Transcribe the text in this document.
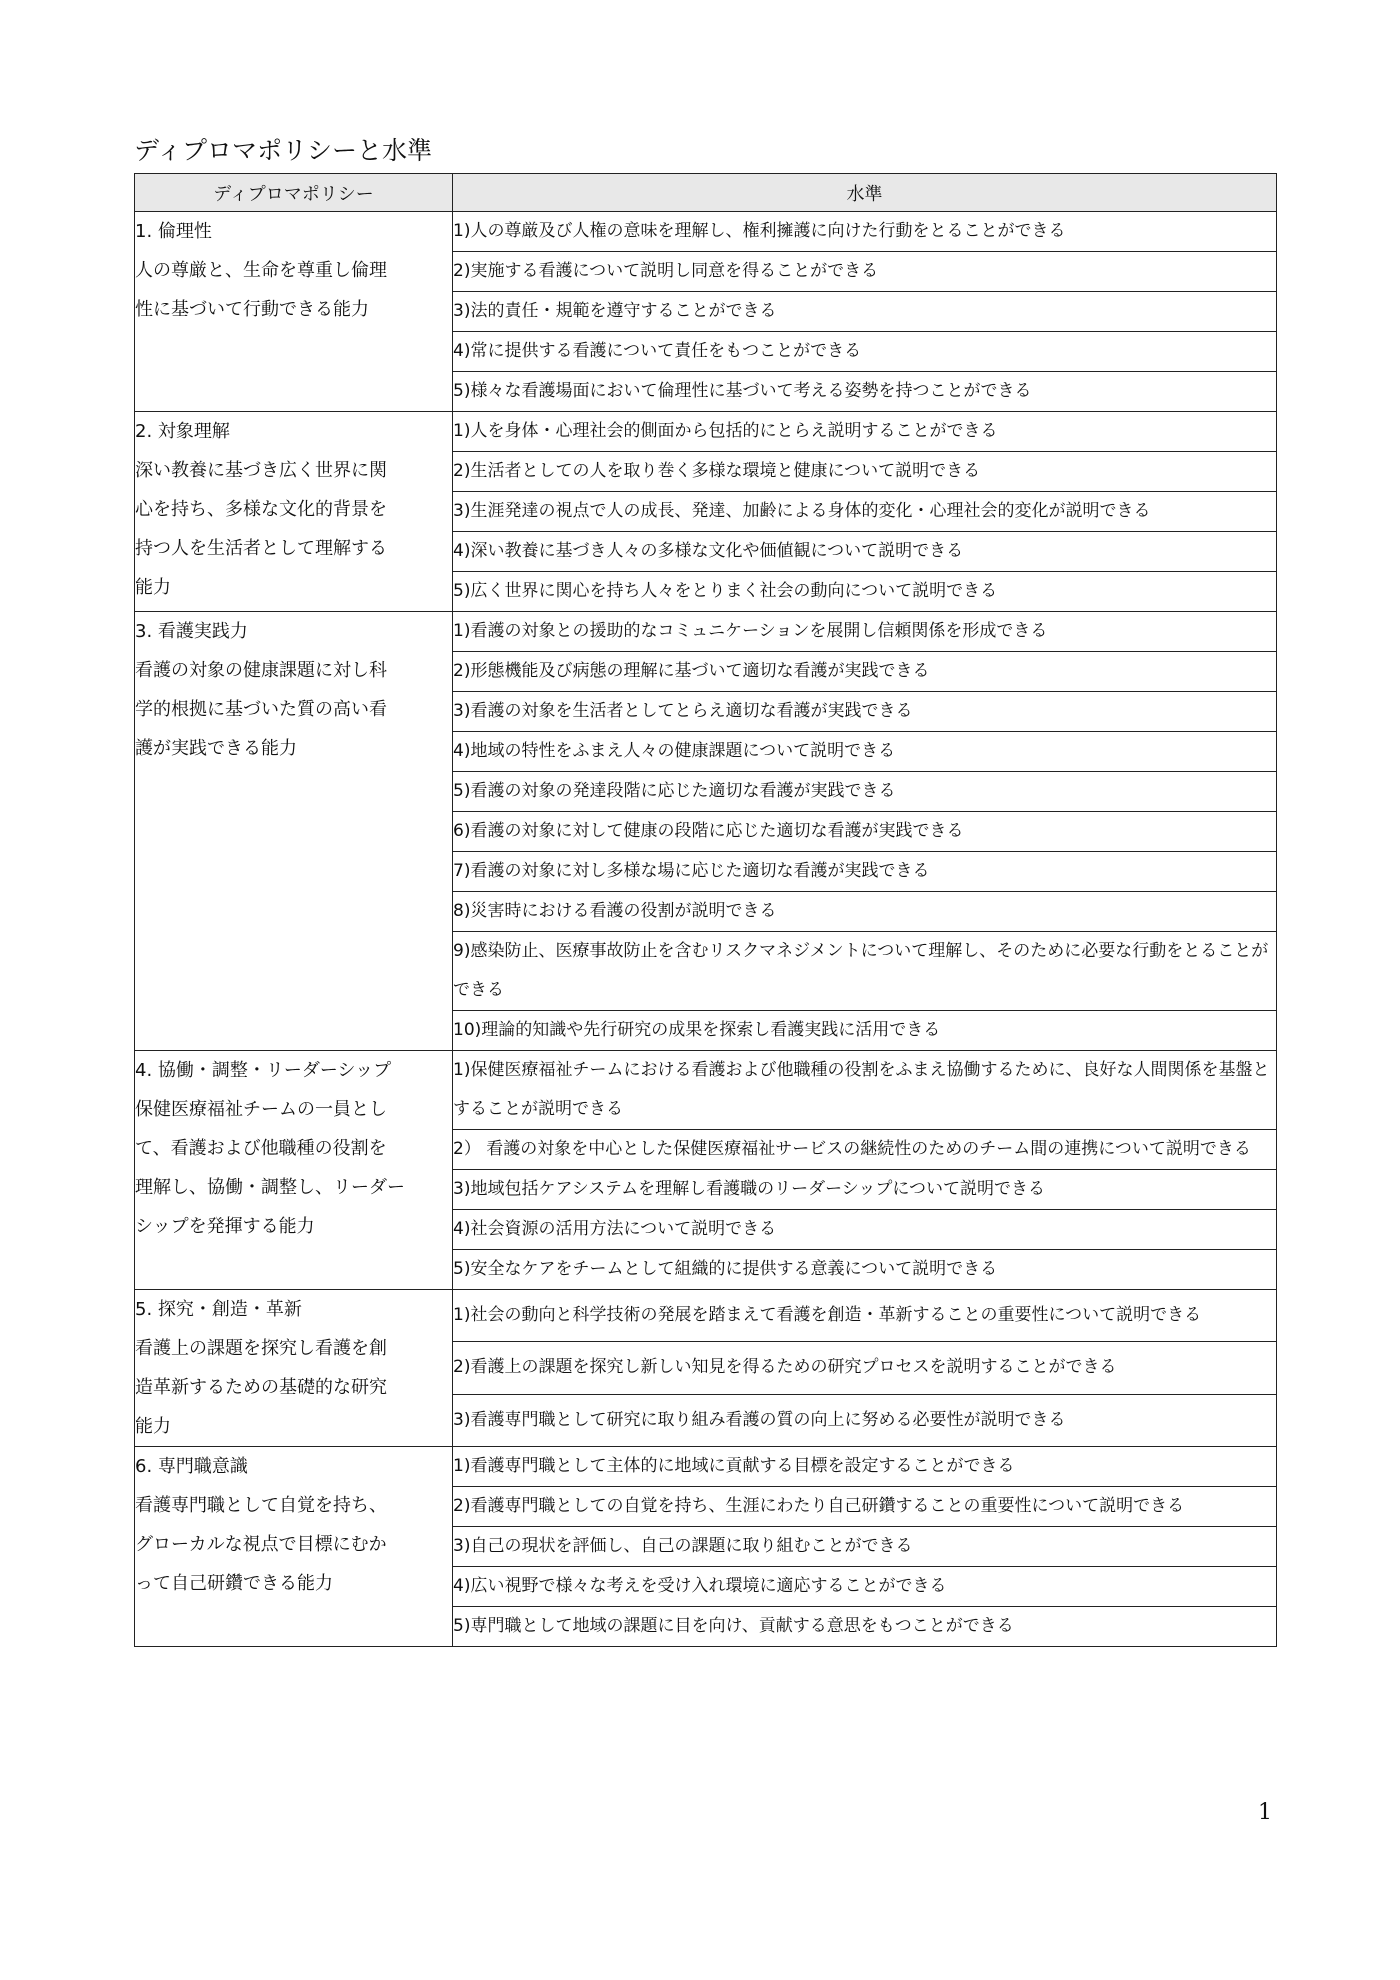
ディプロマポリシーと水準
ディプロマポリシー	水準

1. 倫理性
人の尊厳と、生命を尊重し倫理
性に基づいて行動できる能力	1)人の尊厳及び人権の意味を理解し、権利擁護に向けた行動をとることができる
	2)実施する看護について説明し同意を得ることができる
	3)法的責任・規範を遵守することができる
	4)常に提供する看護について責任をもつことができる
	5)様々な看護場面において倫理性に基づいて考える姿勢を持つことができる

2. 対象理解
深い教養に基づき広く世界に関
心を持ち、多様な文化的背景を
持つ人を生活者として理解する
能力	1)人を身体・心理社会的側面から包括的にとらえ説明することができる
	2)生活者としての人を取り巻く多様な環境と健康について説明できる
	3)生涯発達の視点で人の成長、発達、加齢による身体的変化・心理社会的変化が説明できる
	4)深い教養に基づき人々の多様な文化や価値観について説明できる
	5)広く世界に関心を持ち人々をとりまく社会の動向について説明できる

3. 看護実践力
看護の対象の健康課題に対し科
学的根拠に基づいた質の高い看
護が実践できる能力	1)看護の対象との援助的なコミュニケーションを展開し信頼関係を形成できる
	2)形態機能及び病態の理解に基づいて適切な看護が実践できる
	3)看護の対象を生活者としてとらえ適切な看護が実践できる
	4)地域の特性をふまえ人々の健康課題について説明できる
	5)看護の対象の発達段階に応じた適切な看護が実践できる
	6)看護の対象に対して健康の段階に応じた適切な看護が実践できる
	7)看護の対象に対し多様な場に応じた適切な看護が実践できる
	8)災害時における看護の役割が説明できる
	9)感染防止、医療事故防止を含むリスクマネジメントについて理解し、そのために必要な行動をとることができる
	10)理論的知識や先行研究の成果を探索し看護実践に活用できる

4. 協働・調整・リーダーシップ
保健医療福祉チームの一員とし
て、看護および他職種の役割を
理解し、協働・調整し、リーダー
シップを発揮する能力	1)保健医療福祉チームにおける看護および他職種の役割をふまえ協働するために、良好な人間関係を基盤とすることが説明できる
	2） 看護の対象を中心とした保健医療福祉サービスの継続性のためのチーム間の連携について説明できる
	3)地域包括ケアシステムを理解し看護職のリーダーシップについて説明できる
	4)社会資源の活用方法について説明できる
	5)安全なケアをチームとして組織的に提供する意義について説明できる

5. 探究・創造・革新
看護上の課題を探究し看護を創
造革新するための基礎的な研究
能力	1)社会の動向と科学技術の発展を踏まえて看護を創造・革新することの重要性について説明できる
	2)看護上の課題を探究し新しい知見を得るための研究プロセスを説明することができる
	3)看護専門職として研究に取り組み看護の質の向上に努める必要性が説明できる

6. 専門職意識
看護専門職として自覚を持ち、
グローカルな視点で目標にむか
って自己研鑽できる能力	1)看護専門職として主体的に地域に貢献する目標を設定することができる
	2)看護専門職としての自覚を持ち、生涯にわたり自己研鑽することの重要性について説明できる
	3)自己の現状を評価し、自己の課題に取り組むことができる
	4)広い視野で様々な考えを受け入れ環境に適応することができる
	5)専門職として地域の課題に目を向け、貢献する意思をもつことができる
1
